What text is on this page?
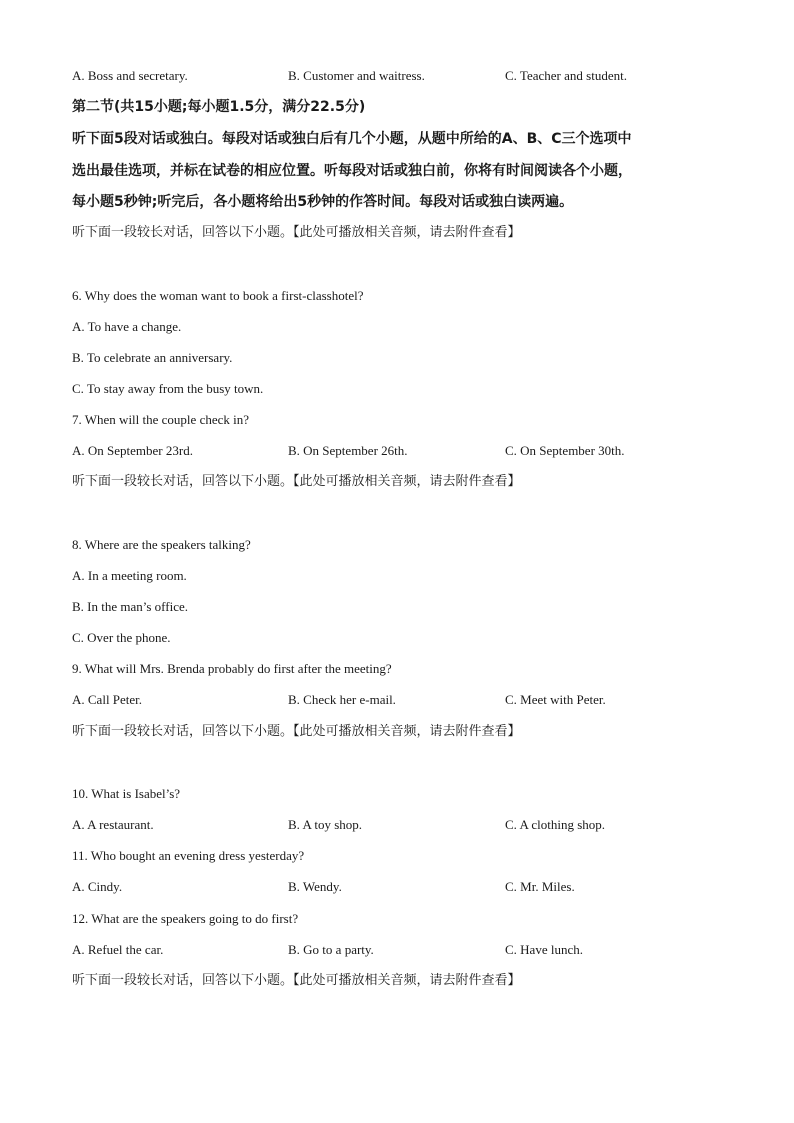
A. Boss and secretary.	B. Customer and waitress.	C. Teacher and student.
第二节(共15小题;每小题1.5分，满分22.5分)
听下面5段对话或独白。每段对话或独白后有几个小题，从题中所给的A、B、C三个选项中
选出最佳选项，并标在试卷的相应位置。听每段对话或独白前，你将有时间阅读各个小题，
每小题5秒钟;听完后，各小题将给出5秒钟的作答时间。每段对话或独白读两遍。
听下面一段较长对话，回答以下小题。【此处可播放相关音频，请去附件查看】
6. Why does the woman want to book a first-classhotel?
A. To have a change.
B. To celebrate an anniversary.
C. To stay away from the busy town.
7. When will the couple check in?
A. On September 23rd.	B. On September 26th.	C. On September 30th.
听下面一段较长对话，回答以下小题。【此处可播放相关音频，请去附件查看】
8. Where are the speakers talking?
A. In a meeting room.
B. In the man’s office.
C. Over the phone.
9. What will Mrs. Brenda probably do first after the meeting?
A. Call Peter.	B. Check her e-mail.	C. Meet with Peter.
听下面一段较长对话，回答以下小题。【此处可播放相关音频，请去附件查看】
10. What is Isabel’s?
A. A restaurant.	B. A toy shop.	C. A clothing shop.
11. Who bought an evening dress yesterday?
A. Cindy.	B. Wendy.	C. Mr. Miles.
12. What are the speakers going to do first?
A. Refuel the car.	B. Go to a party.	C. Have lunch.
听下面一段较长对话，回答以下小题。【此处可播放相关音频，请去附件查看】
